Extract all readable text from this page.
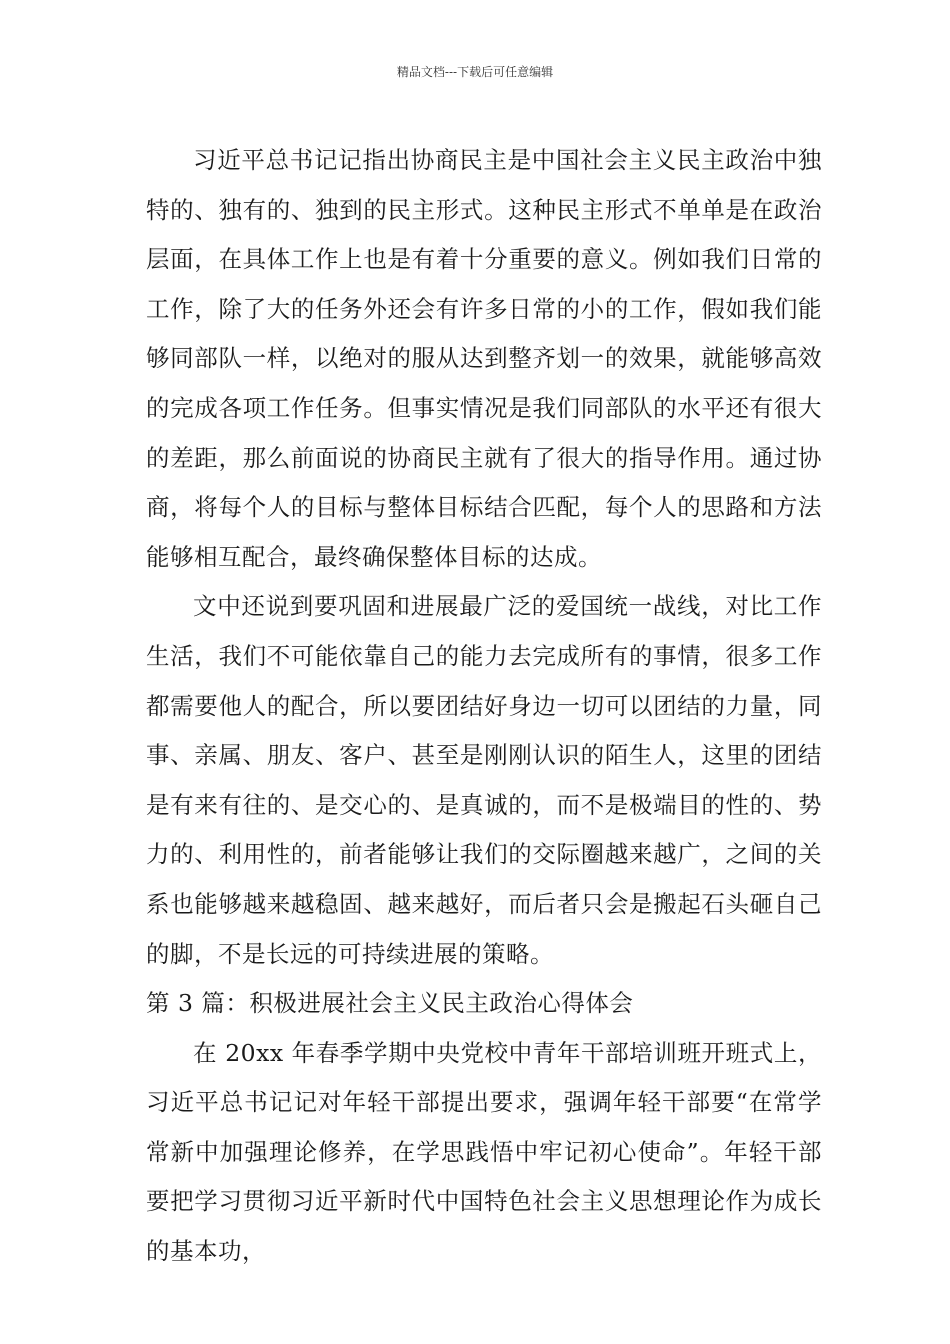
精品文档---下载后可任意编辑

习近平总书记记指出协商民主是中国社会主义民主政治中独特的、独有的、独到的民主形式。这种民主形式不单单是在政治层面，在具体工作上也是有着十分重要的意义。例如我们日常的工作，除了大的任务外还会有许多日常的小的工作，假如我们能够同部队一样，以绝对的服从达到整齐划一的效果，就能够高效的完成各项工作任务。但事实情况是我们同部队的水平还有很大的差距，那么前面说的协商民主就有了很大的指导作用。通过协商，将每个人的目标与整体目标结合匹配，每个人的思路和方法能够相互配合，最终确保整体目标的达成。

文中还说到要巩固和进展最广泛的爱国统一战线，对比工作生活，我们不可能依靠自己的能力去完成所有的事情，很多工作都需要他人的配合，所以要团结好身边一切可以团结的力量，同事、亲属、朋友、客户、甚至是刚刚认识的陌生人，这里的团结是有来有往的、是交心的、是真诚的，而不是极端目的性的、势力的、利用性的，前者能够让我们的交际圈越来越广，之间的关系也能够越来越稳固、越来越好，而后者只会是搬起石头砸自己的脚，不是长远的可持续进展的策略。

第 3 篇：积极进展社会主义民主政治心得体会

在 20xx 年春季学期中央党校中青年干部培训班开班式上，习近平总书记记对年轻干部提出要求，强调年轻干部要“在常学常新中加强理论修养，在学思践悟中牢记初心使命”。年轻干部要把学习贯彻习近平新时代中国特色社会主义思想理论作为成长的基本功，
